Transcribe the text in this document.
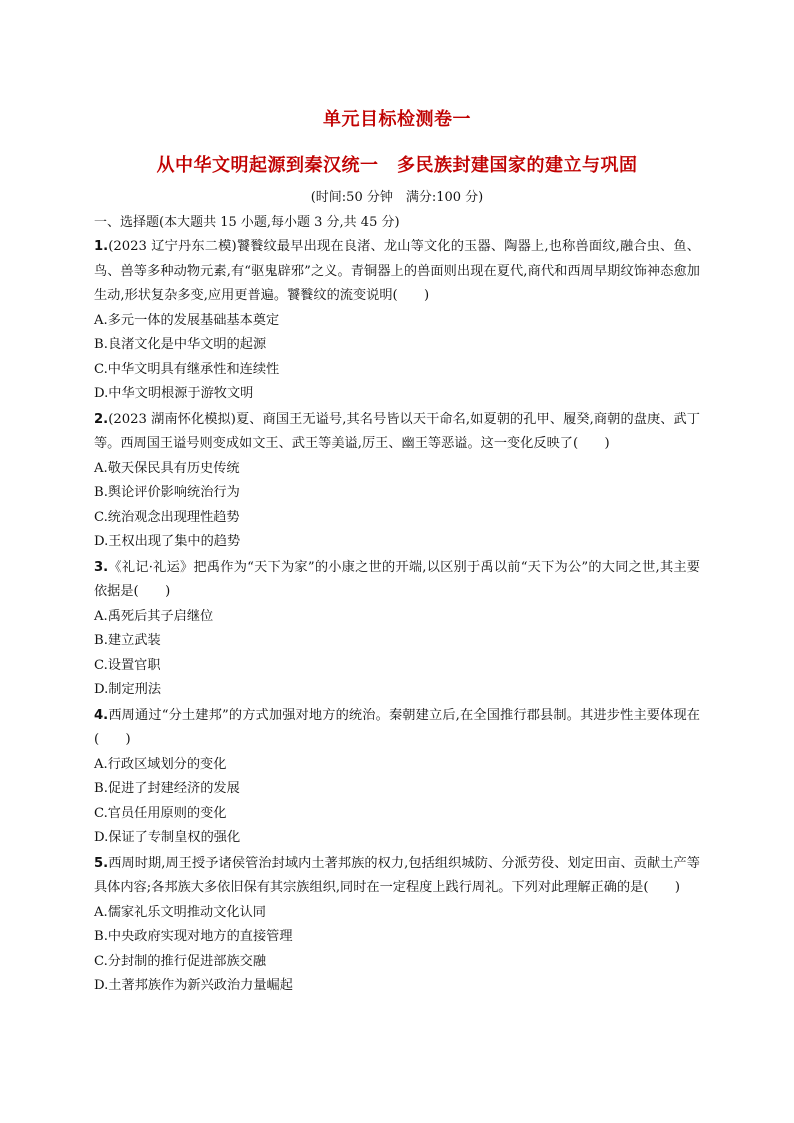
单元目标检测卷一
从中华文明起源到秦汉统一　多民族封建国家的建立与巩固
(时间:50 分钟　满分:100 分)
一、选择题(本大题共 15 小题,每小题 3 分,共 45 分)

1.(2023 辽宁丹东二模)饕餮纹最早出现在良渚、龙山等文化的玉器、陶器上,也称兽面纹,融合虫、鱼、鸟、兽等多种动物元素,有“驱鬼辟邪”之义。青铜器上的兽面则出现在夏代,商代和西周早期纹饰神态愈加生动,形状复杂多变,应用更普遍。饕餮纹的流变说明(　　)

A.多元一体的发展基础基本奠定

B.良渚文化是中华文明的起源

C.中华文明具有继承性和连续性

D.中华文明根源于游牧文明

2.(2023 湖南怀化模拟)夏、商国王无谥号,其名号皆以天干命名,如夏朝的孔甲、履癸,商朝的盘庚、武丁等。西周国王谥号则变成如文王、武王等美谥,厉王、幽王等恶谥。这一变化反映了(　　)

A.敬天保民具有历史传统

B.舆论评价影响统治行为

C.统治观念出现理性趋势

D.王权出现了集中的趋势

3.《礼记·礼运》把禹作为“天下为家”的小康之世的开端,以区别于禹以前“天下为公”的大同之世,其主要依据是(　　)

A.禹死后其子启继位

B.建立武装

C.设置官职

D.制定刑法

4.西周通过“分土建邦”的方式加强对地方的统治。秦朝建立后,在全国推行郡县制。其进步性主要体现在(　　)

A.行政区域划分的变化

B.促进了封建经济的发展

C.官员任用原则的变化

D.保证了专制皇权的强化

5.西周时期,周王授予诸侯管治封域内土著邦族的权力,包括组织城防、分派劳役、划定田亩、贡献土产等具体内容;各邦族大多依旧保有其宗族组织,同时在一定程度上践行周礼。下列对此理解正确的是(　　)

A.儒家礼乐文明推动文化认同

B.中央政府实现对地方的直接管理

C.分封制的推行促进部族交融

D.土著邦族作为新兴政治力量崛起
